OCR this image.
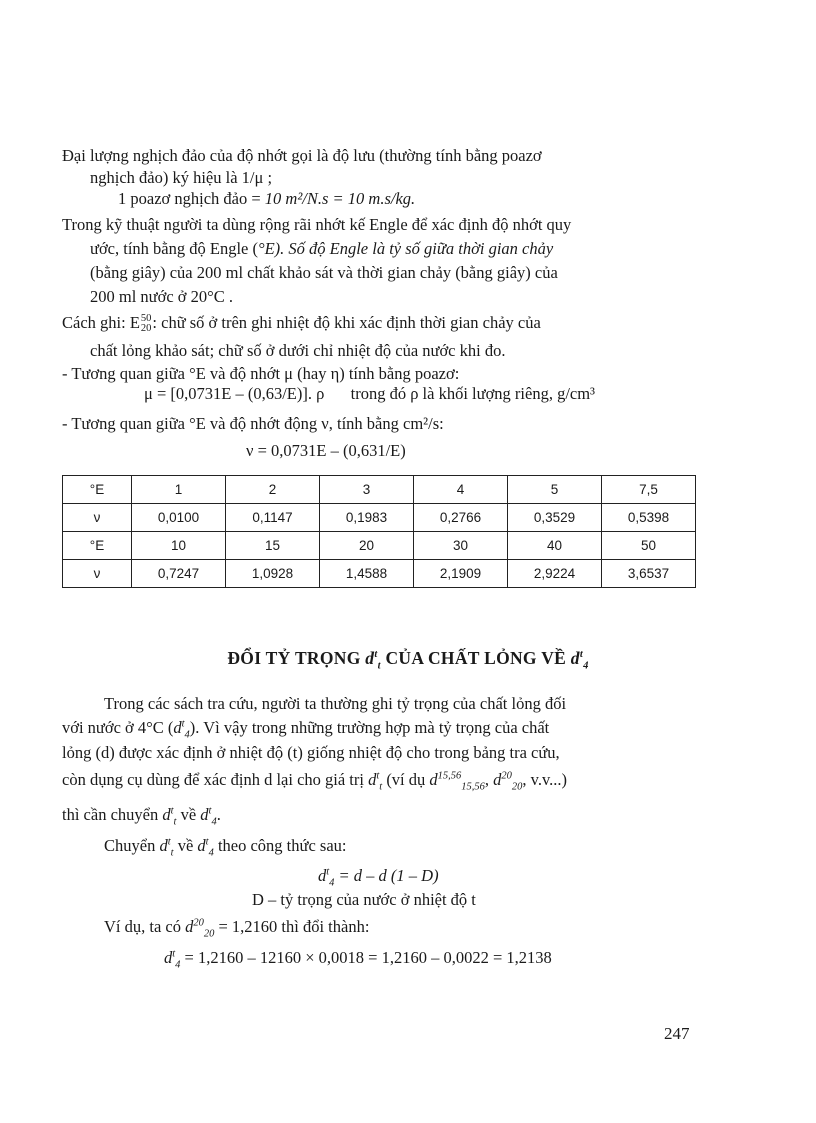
Đại lượng nghịch đảo của độ nhớt gọi là độ lưu (thường tính bằng poazơ
nghịch đảo) ký hiệu là 1/μ ;
1 poazơ nghịch đảo = 10 m²/N.s = 10 m.s/kg.
Trong kỹ thuật người ta dùng rộng rãi nhớt kế Engle để xác định độ nhớt quy
ước, tính bằng độ Engle (°E). Số độ Engle là tỷ số giữa thời gian chảy
(bằng giây) của 200 ml chất khảo sát và thời gian chảy (bằng giây) của
200 ml nước ở 20°C .
Cách ghi: E 50
20 : chữ số ở trên ghi nhiệt độ khi xác định thời gian chảy của
chất lỏng khảo sát; chữ số ở dưới chỉ nhiệt độ của nước khi đo.
- Tương quan giữa °E và độ nhớt μ (hay η) tính bằng poazơ:
μ = [0,0731E – (0,63/E)]. ρ trong đó ρ là khối lượng riêng, g/cm³
- Tương quan giữa °E và độ nhớt động ν, tính bằng cm²/s:
ν = 0,0731E – (0,631/E)
°E	1	2	3	4	5	7,5
ν	0,0100	0,1147	0,1983	0,2766	0,3529	0,5398
°E	10	15	20	30	40	50
ν	0,7247	1,0928	1,4588	2,1909	2,9224	3,6537
ĐỔI TỶ TRỌNG $d^t_t$ CỦA CHẤT LỎNG VỀ $d^t_4$
Trong các sách tra cứu, người ta thường ghi tỷ trọng của chất lỏng đối
với nước ở 4°C $(d^t_4)$. Vì vậy trong những trường hợp mà tỷ trọng của chất
lỏng (d) được xác định ở nhiệt độ (t) giống nhiệt độ cho trong bảng tra cứu,
còn dụng cụ dùng để xác định d lại cho giá trị $d^t_t$ (ví dụ $d^{15,56}_{15,56}$, $d^{20}_{20}$, v.v...)
thì cần chuyển $d^t_t$ về $d^t_4$.
Chuyển $d^t_t$ về $d^t_4$ theo công thức sau:
$d^t_4 = d - d$ (1 – D)
D – tỷ trọng của nước ở nhiệt độ t
Ví dụ, ta có $d^{20}_{20} = 1,2160$ thì đổi thành:
$d^t_4 = 1,2160 - 12160 \times 0,0018 = 1,2160 - 0,0022 = 1,2138$
247
